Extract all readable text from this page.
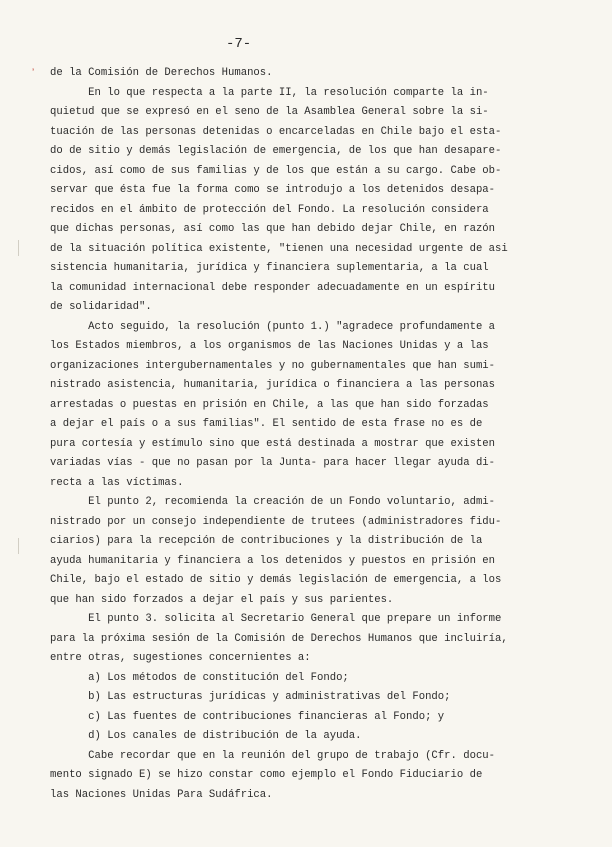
-7-
ʼ	de la Comisión de Derechos Humanos.
En lo que respecta a la parte II, la resolución comparte la in-
quietud que se expresó en el seno de la Asamblea General sobre la si-
tuación de las personas detenidas o encarceladas en Chile bajo el esta-
do de sitio y demás legislación de emergencia, de los que han desapare-
cidos, así como de sus familias y de los que están a su cargo. Cabe ob-
servar que ésta fue la forma como se introdujo a los detenidos desapa-
recidos en el ámbito de protección del Fondo. La resolución considera
que dichas personas, así como las que han debido dejar Chile, en razón
de la situación política existente, "tienen una necesidad urgente de asi
sistencia humanitaria, jurídica y financiera suplementaria, a la cual
la comunidad internacional debe responder adecuadamente en un espíritu
de solidaridad".
Acto seguido, la resolución (punto 1.) "agradece profundamente a
los Estados miembros, a los organismos de las Naciones Unidas y a las
organizaciones intergubernamentales y no gubernamentales que han sumi-
nistrado asistencia, humanitaria, jurídica o financiera a las personas
arrestadas o puestas en prisión en Chile, a las que han sido forzadas
a dejar el país o a sus familias". El sentido de esta frase no es de
pura cortesía y estímulo sino que está destinada a mostrar que existen
variadas vías - que no pasan por la Junta- para hacer llegar ayuda di-
recta a las víctimas.
El punto 2, recomienda la creación de un Fondo voluntario, admi-
nistrado por un consejo independiente de trutees (administradores fidu-
ciarios) para la recepción de contribuciones y la distribución de la
ayuda humanitaria y financiera a los detenidos y puestos en prisión en
Chile, bajo el estado de sitio y demás legislación de emergencia, a los
que han sido forzados a dejar el país y sus parientes.
El punto 3. solicita al Secretario General que prepare un informe
para la próxima sesión de la Comisión de Derechos Humanos que incluiría,
entre otras, sugestiones concernientes a:
a) Los métodos de constitución del Fondo;
b) Las estructuras jurídicas y administrativas del Fondo;
c) Las fuentes de contribuciones financieras al Fondo; y
d) Los canales de distribución de la ayuda.
Cabe recordar que en la reunión del grupo de trabajo (Cfr. docu-
mento signado E) se hizo constar como ejemplo el Fondo Fiduciario de
las Naciones Unidas Para Sudáfrica.
